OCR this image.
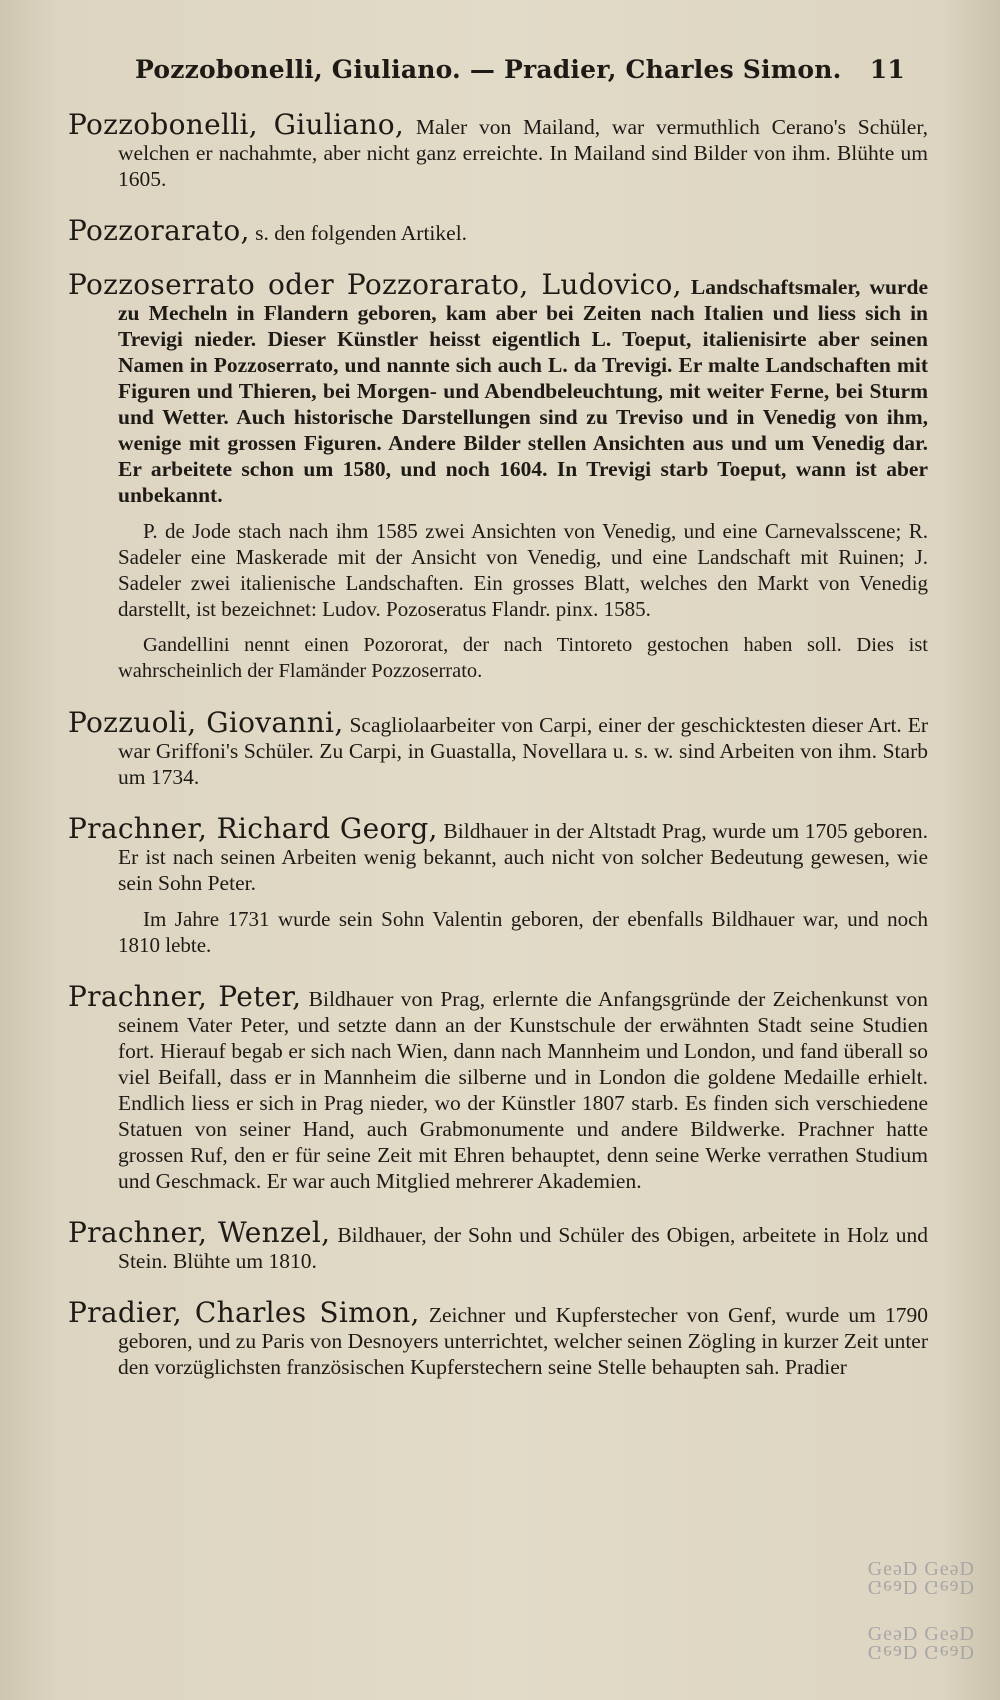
Pozzobonelli, Giuliano. — Pradier, Charles Simon. 11
Pozzobonelli, Giuliano, Maler von Mailand, war vermuthlich Cerano's Schüler, welchen er nachahmte, aber nicht ganz erreichte. In Mailand sind Bilder von ihm. Blühte um 1605.
Pozzorarato, s. den folgenden Artikel.
Pozzoserrato oder Pozzorarato, Ludovico, Landschaftsmaler, wurde zu Mecheln in Flandern geboren, kam aber bei Zeiten nach Italien und liess sich in Trevigi nieder. Dieser Künstler heisst eigentlich L. Toeput, italienisirte aber seinen Namen in Pozzoserrato, und nannte sich auch L. da Trevigi. Er malte Landschaften mit Figuren und Thieren, bei Morgen- und Abendbeleuchtung, mit weiter Ferne, bei Sturm und Wetter. Auch historische Darstellungen sind zu Treviso und in Venedig von ihm, wenige mit grossen Figuren. Andere Bilder stellen Ansichten aus und um Venedig dar. Er arbeitete schon um 1580, und noch 1604. In Trevigi starb Toeput, wann ist aber unbekannt.
P. de Jode stach nach ihm 1585 zwei Ansichten von Venedig, und eine Carnevalsscene; R. Sadeler eine Maskerade mit der Ansicht von Venedig, und eine Landschaft mit Ruinen; J. Sadeler zwei italienische Landschaften. Ein grosses Blatt, welches den Markt von Venedig darstellt, ist bezeichnet: Ludov. Pozoseratus Flandr. pinx. 1585.
Gandellini nennt einen Pozororat, der nach Tintoreto gestochen haben soll. Dies ist wahrscheinlich der Flamänder Pozzoserrato.
Pozzuoli, Giovanni, Scagliolaarbeiter von Carpi, einer der geschicktesten dieser Art. Er war Griffoni's Schüler. Zu Carpi, in Guastalla, Novellara u. s. w. sind Arbeiten von ihm. Starb um 1734.
Prachner, Richard Georg, Bildhauer in der Altstadt Prag, wurde um 1705 geboren. Er ist nach seinen Arbeiten wenig bekannt, auch nicht von solcher Bedeutung gewesen, wie sein Sohn Peter.
Im Jahre 1731 wurde sein Sohn Valentin geboren, der ebenfalls Bildhauer war, und noch 1810 lebte.
Prachner, Peter, Bildhauer von Prag, erlernte die Anfangsgründe der Zeichenkunst von seinem Vater Peter, und setzte dann an der Kunstschule der erwähnten Stadt seine Studien fort. Hierauf begab er sich nach Wien, dann nach Mannheim und London, und fand überall so viel Beifall, dass er in Mannheim die silberne und in London die goldene Medaille erhielt. Endlich liess er sich in Prag nieder, wo der Künstler 1807 starb. Es finden sich verschiedene Statuen von seiner Hand, auch Grabmonumente und andere Bildwerke. Prachner hatte grossen Ruf, den er für seine Zeit mit Ehren behauptet, denn seine Werke verrathen Studium und Geschmack. Er war auch Mitglied mehrerer Akademien.
Prachner, Wenzel, Bildhauer, der Sohn und Schüler des Obigen, arbeitete in Holz und Stein. Blühte um 1810.
Pradier, Charles Simon, Zeichner und Kupferstecher von Genf, wurde um 1790 geboren, und zu Paris von Desnoyers unterrichtet, welcher seinen Zögling in kurzer Zeit unter den vorzüglichsten französischen Kupferstechern seine Stelle behaupten sah. Pradier
GeəD GeəD
GeəD GeəD
GeəD GeəD
GeəD GeəD
